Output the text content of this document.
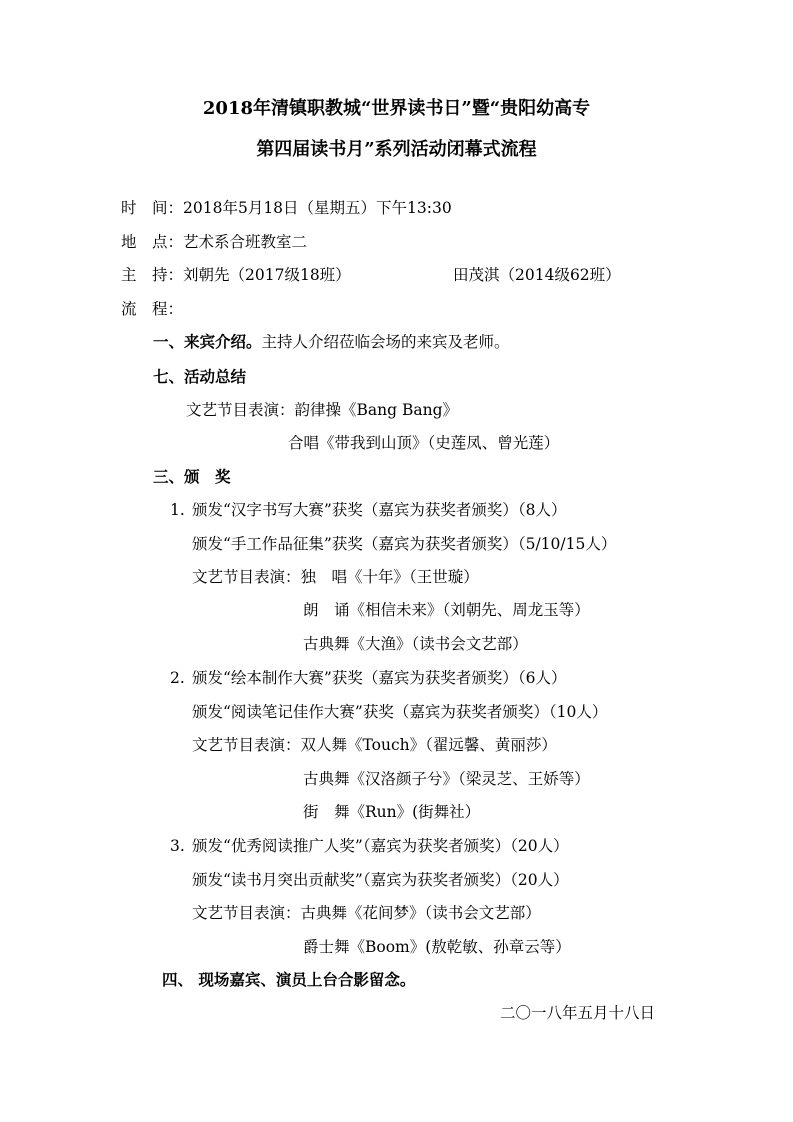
2018年清镇职教城“世界读书日”暨“贵阳幼高专
第四届读书月”系列活动闭幕式流程
时　间：2018年5月18日（星期五）下午13:30
地　点：艺术系合班教室二
主　持：刘朝先（2017级18班）	田茂淇（2014级62班）
流　程：
一、来宾介绍。主持人介绍莅临会场的来宾及老师。
七、活动总结
文艺节目表演：韵律操《Bang Bang》
合唱《带我到山顶》（史莲凤、曾光莲）
三、颁　奖
1. 颁发“汉字书写大赛”获奖（嘉宾为获奖者颁奖）（8人）
颁发“手工作品征集”获奖（嘉宾为获奖者颁奖）（5/10/15人）
文艺节目表演：独　唱《十年》（王世璇）
朗　诵《相信未来》（刘朝先、周龙玉等）
古典舞《大渔》（读书会文艺部）
2. 颁发“绘本制作大赛”获奖（嘉宾为获奖者颁奖）（6人）
颁发“阅读笔记佳作大赛”获奖（嘉宾为获奖者颁奖）（10人）
文艺节目表演：双人舞《Touch》（翟远馨、黄丽莎）
古典舞《汉洛颜子兮》（梁灵芝、王娇等）
街　舞《Run》(街舞社）
3. 颁发“优秀阅读推广人奖”（嘉宾为获奖者颁奖）（20人）
颁发“读书月突出贡献奖”（嘉宾为获奖者颁奖）（20人）
文艺节目表演：古典舞《花间梦》（读书会文艺部）
爵士舞《Boom》(敖乾敏、孙章云等）
四、 现场嘉宾、演员上台合影留念。
二〇一八年五月十八日
